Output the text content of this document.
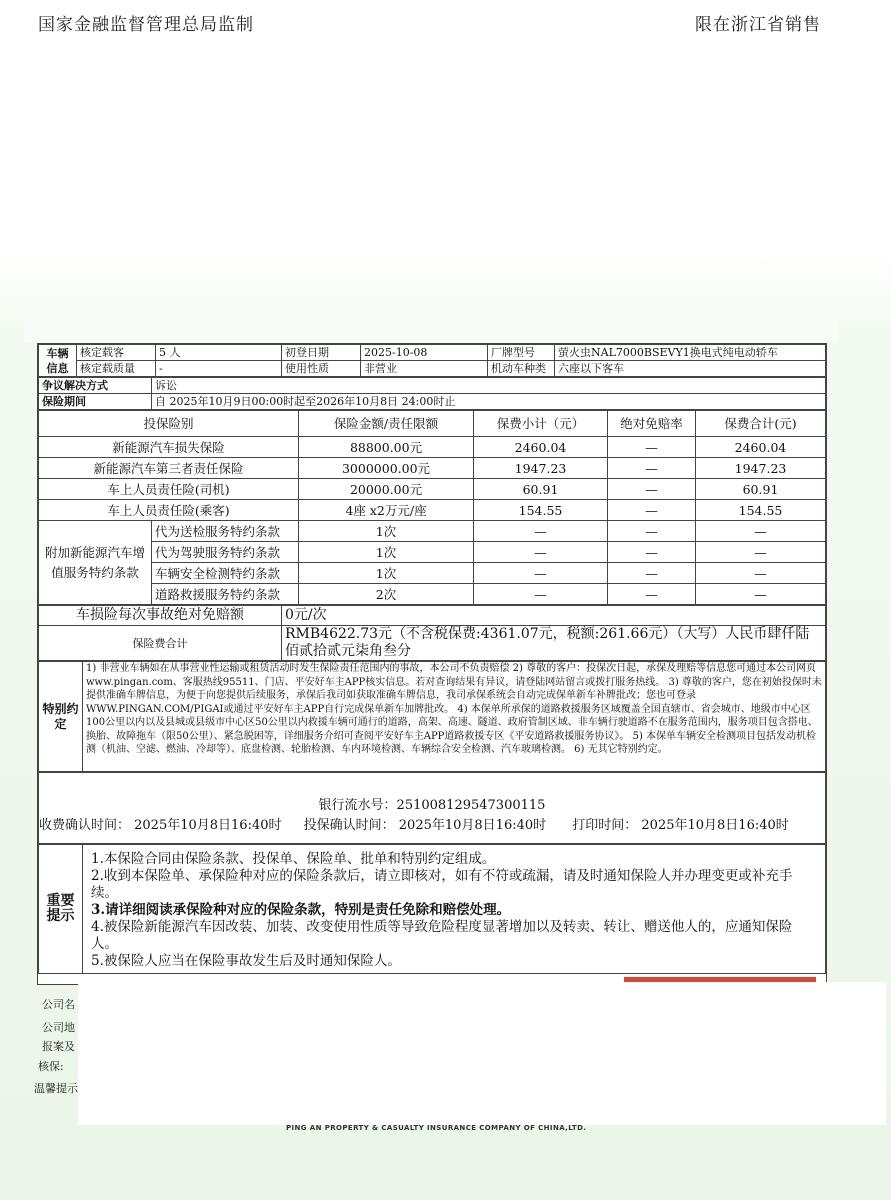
国家金融监督管理总局监制	限在浙江省销售
车辆信息	核定载客	5 人	初登日期	2025-10-08	厂牌型号	萤火虫NAL7000BSEVY1换电式纯电动轿车
	核定载质量	-	使用性质	非营业	机动车种类	六座以下客车
争议解决方式	诉讼
保险期间	自 2025年10月9日00:00时起至2026年10月8日 24:00时止
投保险别		保险金额/责任限额	保费小计（元）	绝对免赔率	保费合计(元)
新能源汽车损失保险		88800.00元	2460.04	—	2460.04
新能源汽车第三者责任保险		3000000.00元	1947.23	—	1947.23
车上人员责任险(司机)		20000.00元	60.91	—	60.91
车上人员责任险(乘客)		4座 x2万元/座	154.55	—	154.55
附加新能源汽车增值服务特约条款	代为送检服务特约条款	1次	—	—	—
	代为驾驶服务特约条款	1次	—	—	—
	车辆安全检测特约条款	1次	—	—	—
	道路救援服务特约条款	2次	—	—	—
车损险每次事故绝对免赔额	0元/次
保险费合计	RMB4622.73元（不含税保费:4361.07元，税额:261.66元）（大写）人民币肆仟陆佰贰拾贰元柒角叁分
特别约定	1) 非营业车辆如在从事营业性运输或租赁活动时发生保险责任范围内的事故，本公司不负责赔偿 2) 尊敬的客户：投保次日起，承保及理赔等信息您可通过本公司网页www.pingan.com、客服热线95511、门店、平安好车主APP核实信息。若对查询结果有异议，请登陆网站留言或拨打服务热线。 3) 尊敬的客户，您在初始投保时未提供准确车牌信息，为便于向您提供后续服务，承保后我司如获取准确车牌信息，我司承保系统会自动完成保单新车补牌批改；您也可登录WWW.PINGAN.COM/PIGAI或通过平安好车主APP自行完成保单新车加牌批改。 4) 本保单所承保的道路救援服务区域覆盖全国直辖市、省会城市、地级市中心区100公里以内以及县城或县级市中心区50公里以内救援车辆可通行的道路，高架、高速、隧道、政府管制区域、非车辆行驶道路不在服务范围内，服务项目包含搭电、换胎、故障拖车（限50公里）、紧急脱困等，详细服务介绍可查阅平安好车主APP道路救援专区《平安道路救援服务协议》。 5) 本保单车辆安全检测项目包括发动机检测（机油、空滤、燃油、冷却等）、底盘检测、轮胎检测、车内环境检测、车辆综合安全检测、汽车玻璃检测。 6) 无其它特别约定。
银行流水号：251008129547300115
收费确认时间： 2025年10月8日16:40时 投保确认时间： 2025年10月8日16:40时 打印时间： 2025年10月8日16:40时
重要提示	

1.本保险合同由保险条款、投保单、保险单、批单和特别约定组成。

2.收到本保险单、承保险种对应的保险条款后，请立即核对，如有不符或疏漏，请及时通知保险人并办理变更或补充手续。

3.请详细阅读承保险种对应的保险条款，特别是责任免除和赔偿处理。

4.被保险新能源汽车因改装、加装、改变使用性质等导致危险程度显著增加以及转卖、转让、赠送他人的，应通知保险人。

5.被保险人应当在保险事故发生后及时通知保险人。

公司名
公司地
报案及
核保:
温馨提示
PING AN PROPERTY & CASUALTY INSURANCE COMPANY OF CHINA,LTD.
